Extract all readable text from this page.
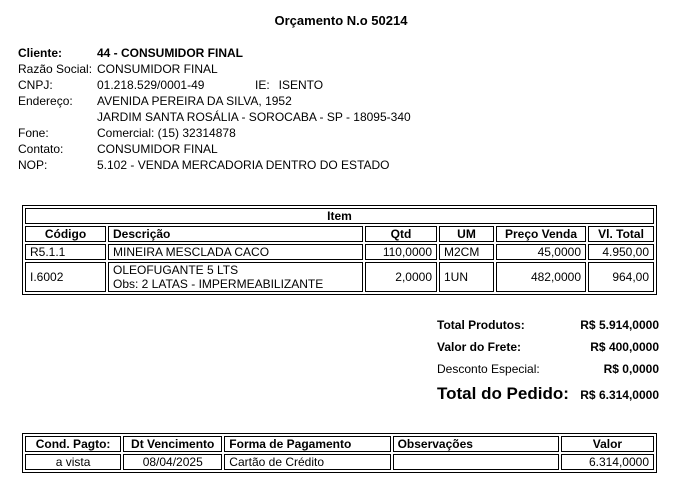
Orçamento N.o 50214
Cliente:	44 - CONSUMIDOR FINAL
Razão Social: CONSUMIDOR FINAL
CNPJ:	01.218.529/0001-49	IE: ISENTO
Endereço:	AVENIDA PEREIRA DA SILVA, 1952
JARDIM SANTA ROSÁLIA - SOROCABA - SP - 18095-340
Fone:	Comercial: (15) 32314878
Contato:	CONSUMIDOR FINAL
NOP:	5.102 - VENDA MERCADORIA DENTRO DO ESTADO
Item					
Código	Descrição	Qtd	UM	Preço Venda	Vl. Total
R5.1.1	MINEIRA MESCLADA CACO	110,0000	M2CM	45,0000	4.950,00
I.6002	OLEOFUGANTE 5 LTS
Obs: 2 LATAS - IMPERMEABILIZANTE	2,0000	1UN	482,0000	964,00
Total Produtos:	R$ 5.914,0000
Valor do Frete:	R$ 400,0000
Desconto Especial:	R$ 0,0000
Total do Pedido: R$ 6.314,0000
Cond. Pagto:	Dt Vencimento	Forma de Pagamento	Observações	Valor
a vista	08/04/2025	Cartão de Crédito		6.314,0000
